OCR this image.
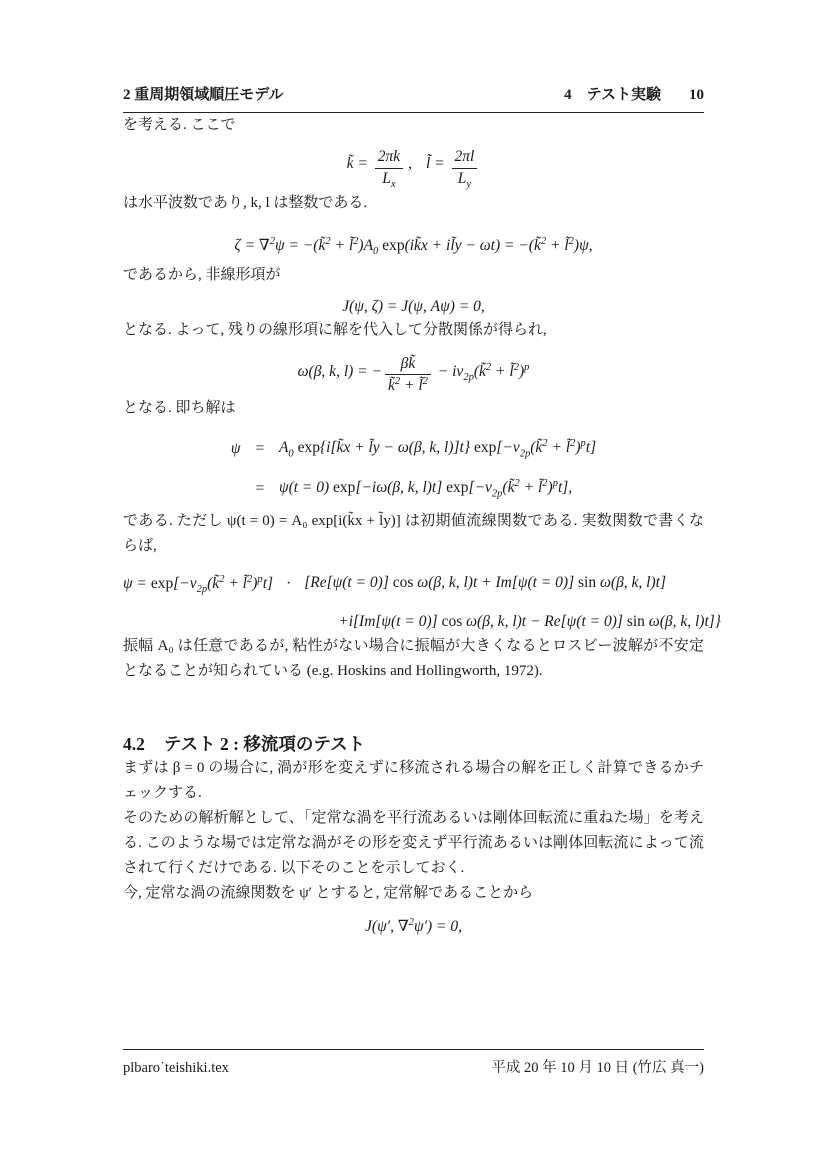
2 重周期領域順圧モデル	4　テスト実験 10

を考える. ここで

k̃ = $\frac{2\pi k}{L_x}$ , l̃ = $\frac{2\pi l}{L_y}$

は水平波数であり, k, l は整数である.

ζ = ∇$^2$ψ = −(k̃$^2$ + $l̃^2)A_0$ exp(ik̃x + il̃y − ωt) = −(k̃$^2$ + l̃$^2$)ψ,

であるから, 非線形項が

J(ψ, ζ) = J(ψ, Aψ) = 0,

となる. よって, 残りの線形項に解を代入して分散関係が得られ,

ω(β, k, l) = − $\frac{\beta k̃}{k̃^2 + l̃^2}$ − $i\nu_{2p}(k̃^2$ + l̃$^2$)$^p$

となる. 即ち解は

ψ	=	$A_0$ exp{i[k̃x + l̃y − ω(β, k, l)]t} $\exp[-\nu_{2p}(k̃^2$ + l̃$^2$)$^p$t]
	=	ψ(t = 0) exp[−iω(β, k, l)t] $\exp[-\nu_{2p}(k̃^2$ + l̃$^2$)$^p$t],

である. ただし ψ(t = 0) = A₀ exp[i(k̃x + l̃y)] は初期値流線関数である. 実数関数で書くならば,

$\psi = \exp[-\nu_{2p}(k̃^2$ + l̃$^2$)$^p$t] · [Re[ψ(t = 0)] cos ω(β, k, l)t + Im[ψ(t = 0)] sin ω(β, k, l)t]
+i[Im[ψ(t = 0)] cos ω(β, k, l)t − Re[ψ(t = 0)] sin ω(β, k, l)t]}

振幅 A₀ は任意であるが, 粘性がない場合に振幅が大きくなるとロスビー波解が不安定となることが知られている (e.g. Hoskins and Hollingworth, 1972).

4.2 テスト 2 : 移流項のテスト

まずは β = 0 の場合に, 渦が形を変えずに移流される場合の解を正しく計算できるかチェックする.

そのための解析解として、「定常な渦を平行流あるいは剛体回転流に重ねた場」を考える. このような場では定常な渦がその形を変えず平行流あるいは剛体回転流によって流されて行くだけである. 以下そのことを示しておく.

今, 定常な渦の流線関数を ψ′ とすると, 定常解であることから

J(ψ′, ∇$^2$ψ′) = 0,
plbaro˙teishiki.tex	平成 20 年 10 月 10 日 (竹広 真一)
